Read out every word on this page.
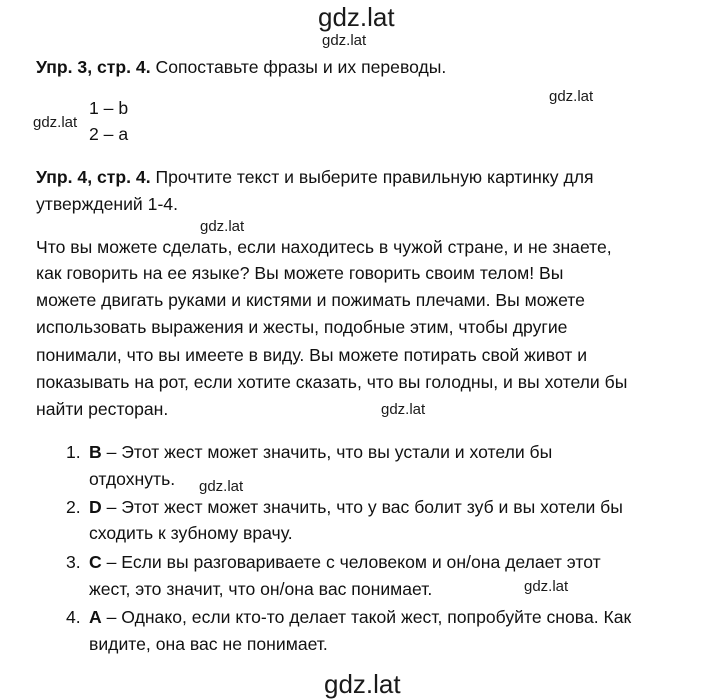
gdz.lat
gdz.lat
gdz.lat
gdz.lat
gdz.lat
gdz.lat
gdz.lat
gdz.lat
gdz.lat
Упр. 3, стр. 4. Сопоставьте фразы и их переводы.
1 – b
2 – a
Упр. 4, стр. 4. Прочтите текст и выберите правильную картинку для
утверждений 1-4.
Что вы можете сделать, если находитесь в чужой стране, и не знаете,
как говорить на ее языке? Вы можете говорить своим телом! Вы
можете двигать руками и кистями и пожимать плечами. Вы можете
использовать выражения и жесты, подобные этим, чтобы другие
понимали, что вы имеете в виду. Вы можете потирать свой живот и
показывать на рот, если хотите сказать, что вы голодны, и вы хотели бы
найти ресторан.
1. B – Этот жест может значить, что вы устали и хотели бы
отдохнуть.
2. D – Этот жест может значить, что у вас болит зуб и вы хотели бы
сходить к зубному врачу.
3. C – Если вы разговариваете с человеком и он/она делает этот
жест, это значит, что он/она вас понимает.
4. A – Однако, если кто-то делает такой жест, попробуйте снова. Как
видите, она вас не понимает.
